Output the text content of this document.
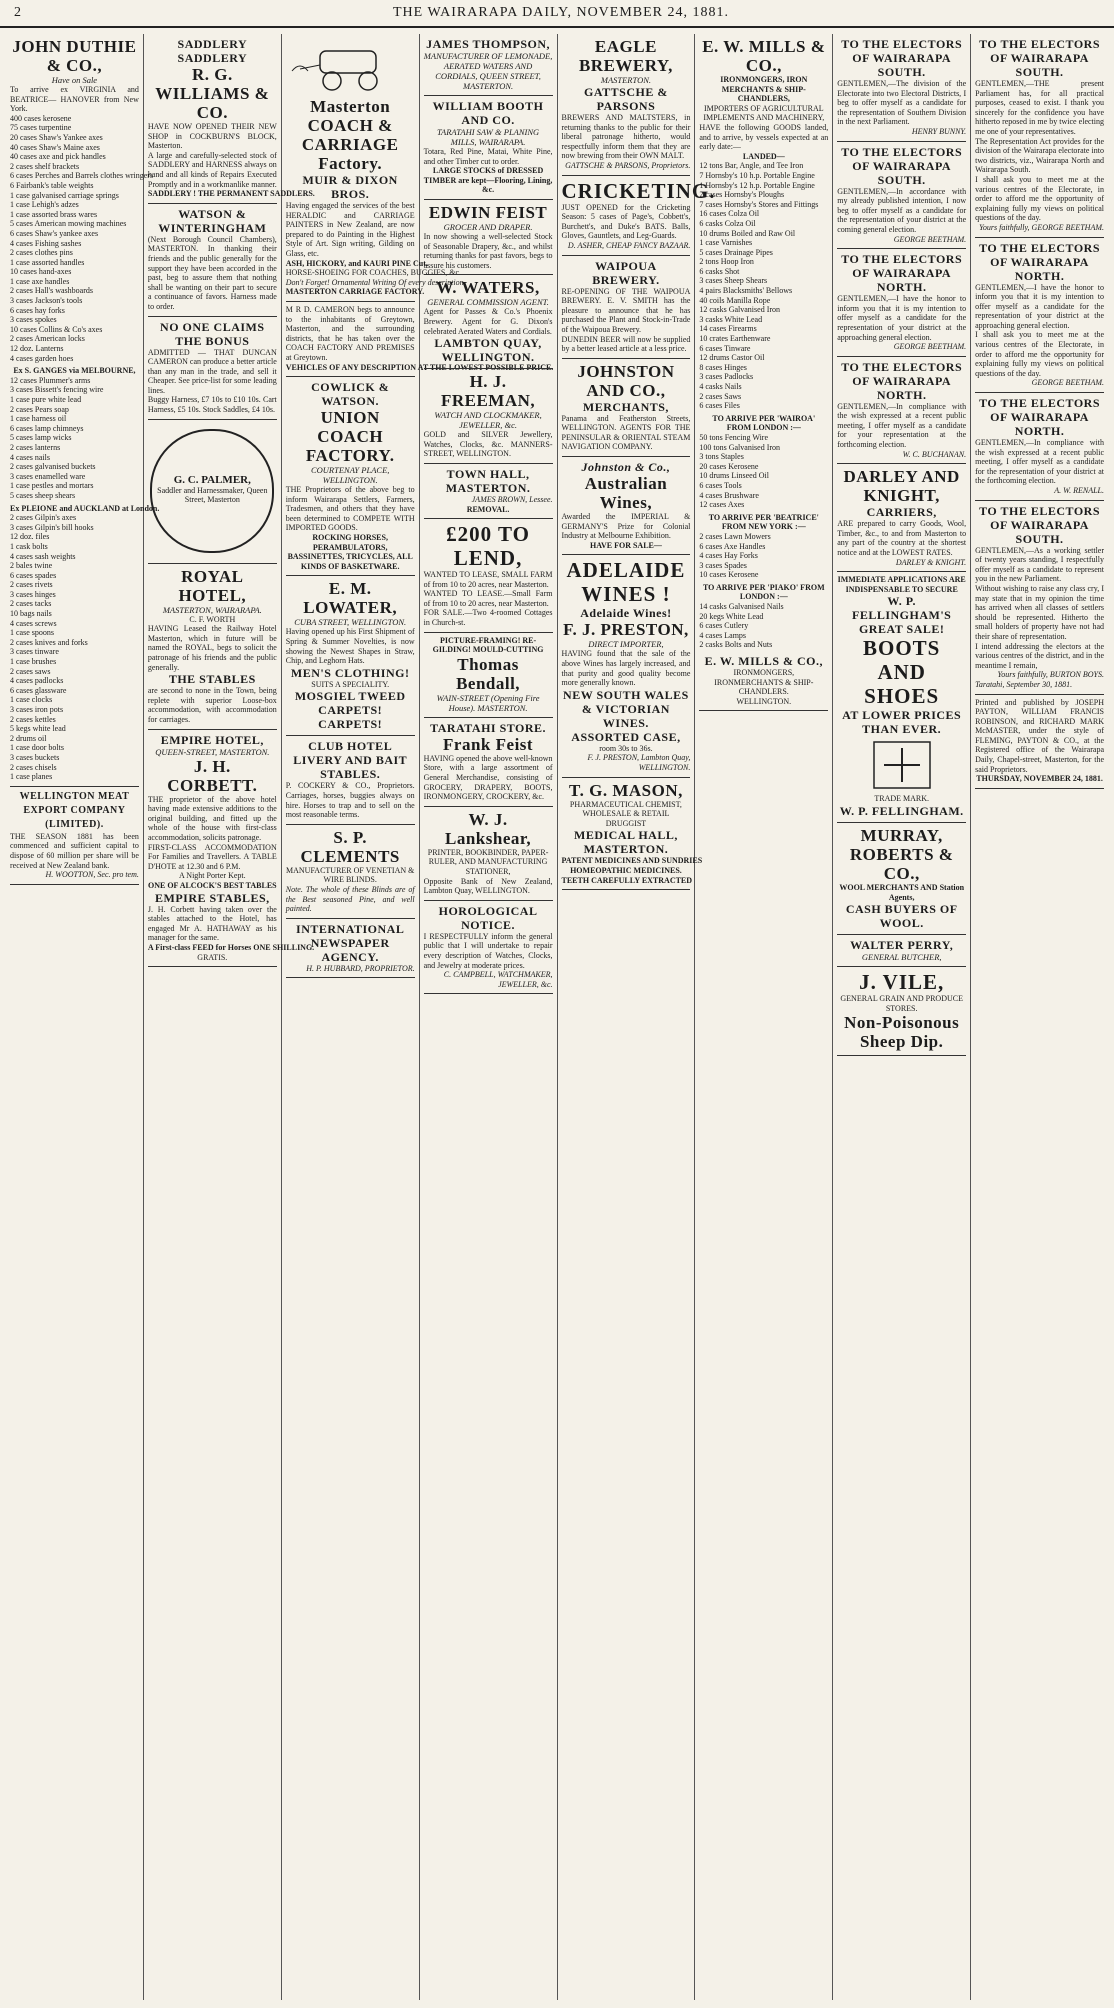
2	THE WAIRARAPA DAILY, NOVEMBER 24, 1881.
JOHN DUTHIE & CO.,
Have on Sale
To arrive ex VIRGINIA and BEATRICE— HANOVER from New York.
400 cases kerosene
75 cases turpentine
20 cases Shaw's Yankee axes
40 cases Shaw's Maine axes
40 cases axe and pick handles
2 cases shelf brackets
6 cases Perches and Barrels clothes wringers
6 Fairbank's table weights
1 case galvanised carriage springs
1 case Lehigh's adzes
1 case assorted brass wares
5 cases American mowing machines
6 cases Shaw's yankee axes
4 cases Fishing sashes
2 cases clothes pins
1 case assorted handles
10 cases hand-axes
1 case axe handles
2 cases Hall's washboards
3 cases Jackson's tools
6 cases hay forks
3 cases spokes
10 cases Collins & Co's axes
2 cases American locks
12 doz. Lanterns
4 cases garden hoes
Ex S. GANGES via MELBOURNE,
12 cases Plummer's arms
3 cases Bissett's fencing wire
1 case pure white lead
2 cases Pears soap
1 case harness oil
6 cases lamp chimneys
5 cases lamp wicks
2 cases lanterns
4 cases nails
2 cases galvanised buckets
3 cases enamelled ware
1 case pestles and mortars
5 cases sheep shears
Ex PLEIONE and AUCKLAND at London.
2 cases Gilpin's axes
3 cases Gilpin's bill hooks
12 doz. files
1 cask bolts
4 cases sash weights
2 bales twine
6 cases spades
2 cases rivets
3 cases hinges
2 cases tacks
10 bags nails
4 cases screws
1 case spoons
2 cases knives and forks
3 cases tinware
1 case brushes
2 cases saws
4 cases padlocks
6 cases glassware
1 case clocks
3 cases iron pots
2 cases kettles
5 kegs white lead
2 drums oil
1 case door bolts
3 cases buckets
2 cases chisels
1 case planes
WELLINGTON MEAT EXPORT COMPANY (LIMITED).
THE SEASON 1881 has been commenced and sufficient capital to dispose of 60 million per share will be received at New Zealand bank.
H. WOOTTON, Sec. pro tem.
SADDLERY SADDLERY
R. G. WILLIAMS & CO.
HAVE NOW OPENED THEIR NEW SHOP in COCKBURN'S BLOCK, Masterton.
A large and carefully-selected stock of SADDLERY and HARNESS always on hand and all kinds of Repairs Executed Promptly and in a workmanlike manner.
SADDLERY ! THE PERMANENT SADDLERS.
WATSON & WINTERINGHAM
(Next Borough Council Chambers), MASTERTON. In thanking their friends and the public generally for the support they have been accorded in the past, beg to assure them that nothing shall be wanting on their part to secure a continuance of favors. Harness made to order.
NO ONE CLAIMS THE BONUS
ADMITTED — THAT DUNCAN CAMERON can produce a better article than any man in the trade, and sell it Cheaper. See price-list for some leading lines.
Buggy Harness, £7 10s to £10 10s. Cart Harness, £5 10s. Stock Saddles, £4 10s.
G. C. PALMER,
Saddler and Harnessmaker, Queen Street, Masterton
ROYAL HOTEL,
MASTERTON, WAIRARAPA.
C. F. WORTH
HAVING Leased the Railway Hotel Masterton, which in future will be named the ROYAL, begs to solicit the patronage of his friends and the public generally.
THE STABLES
are second to none in the Town, being replete with superior Loose-box accommodation, with accommodation for carriages.
EMPIRE HOTEL,
QUEEN-STREET, MASTERTON.
J. H. CORBETT.
THE proprietor of the above hotel having made extensive additions to the original building, and fitted up the whole of the house with first-class accommodation, solicits patronage.
FIRST-CLASS ACCOMMODATION For Families and Travellers. A TABLE D'HOTE at 12.30 and 6 P.M.
A Night Porter Kept.
ONE OF ALCOCK'S BEST TABLES
EMPIRE STABLES,
J. H. Corbett having taken over the stables attached to the Hotel, has engaged Mr A. HATHAWAY as his manager for the same.
A First-class FEED for Horses ONE SHILLING.
GRATIS.
Masterton COACH & CARRIAGE Factory.
MUIR & DIXON BROS.
Having engaged the services of the best HERALDIC and CARRIAGE PAINTERS in New Zealand, are now prepared to do Painting in the Highest Style of Art. Sign writing, Gilding on Glass, etc.
ASH, HICKORY, and KAURI PINE Cut.
HORSE-SHOEING FOR COACHES, BUGGIES, &c.
Don't Forget! Ornamental Writing Of every description.
MASTERTON CARRIAGE FACTORY.
M R D. CAMERON begs to announce to the inhabitants of Greytown, Masterton, and the surrounding districts, that he has taken over the COACH FACTORY AND PREMISES at Greytown.
VEHICLES OF ANY DESCRIPTION AT THE LOWEST POSSIBLE PRICE.
COWLICK & WATSON.
UNION COACH FACTORY.
COURTENAY PLACE, WELLINGTON.
THE Proprietors of the above beg to inform Wairarapa Settlers, Farmers, Tradesmen, and others that they have been determined to COMPETE WITH IMPORTED GOODS.
ROCKING HORSES, PERAMBULATORS, BASSINETTES, TRICYCLES, ALL KINDS OF BASKETWARE.
E. M. LOWATER,
CUBA STREET, WELLINGTON.
Having opened up his First Shipment of Spring & Summer Novelties, is now showing the Newest Shapes in Straw, Chip, and Leghorn Hats.
MEN'S CLOTHING!
SUITS A SPECIALITY.
MOSGIEL TWEED
CARPETS! CARPETS!
CLUB HOTEL LIVERY AND BAIT STABLES.
P. COCKERY & CO., Proprietors. Carriages, horses, buggies always on hire. Horses to trap and to sell on the most reasonable terms.
S. P. CLEMENTS
MANUFACTURER OF VENETIAN & WIRE BLINDS.
Note. The whole of these Blinds are of the Best seasoned Pine, and well painted.
INTERNATIONAL NEWSPAPER AGENCY.
H. P. HUBBARD, PROPRIETOR.
JAMES THOMPSON,
MANUFACTURER OF LEMONADE, AERATED WATERS AND CORDIALS, QUEEN STREET, MASTERTON.
WILLIAM BOOTH AND CO.
TARATAHI SAW & PLANING MILLS, WAIRARAPA.
Totara, Red Pine, Matai, White Pine, and other Timber cut to order.
LARGE STOCKS of DRESSED TIMBER are kept—Flooring, Lining, &c.
EDWIN FEIST
GROCER AND DRAPER.
In now showing a well-selected Stock of Seasonable Drapery, &c., and whilst returning thanks for past favors, begs to assure his customers.
W. WATERS,
GENERAL COMMISSION AGENT.
Agent for Passes & Co.'s Phoenix Brewery. Agent for G. Dixon's celebrated Aerated Waters and Cordials.
LAMBTON QUAY, WELLINGTON.
H. J. FREEMAN,
WATCH AND CLOCKMAKER, JEWELLER, &c.
GOLD and SILVER Jewellery, Watches, Clocks, &c. MANNERS-STREET, WELLINGTON.
TOWN HALL, MASTERTON.
JAMES BROWN, Lessee.
REMOVAL.
£200 TO LEND,
WANTED TO LEASE, SMALL FARM of from 10 to 20 acres, near Masterton.
WANTED TO LEASE.—Small Farm of from 10 to 20 acres, near Masterton.
FOR SALE.—Two 4-roomed Cottages in Church-st.
PICTURE-FRAMING! RE-GILDING! MOULD-CUTTING
Thomas Bendall,
WAIN-STREET (Opening Fire House). MASTERTON.
TARATAHI STORE.
Frank Feist
HAVING opened the above well-known Store, with a large assortment of General Merchandise, consisting of GROCERY, DRAPERY, BOOTS, IRONMONGERY, CROCKERY, &c.
W. J. Lankshear,
PRINTER, BOOKBINDER, PAPER-RULER, AND MANUFACTURING STATIONER,
Opposite Bank of New Zealand, Lambton Quay, WELLINGTON.
HOROLOGICAL NOTICE.
I RESPECTFULLY inform the general public that I will undertake to repair every description of Watches, Clocks, and Jewelry at moderate prices.
C. CAMPBELL, WATCHMAKER, JEWELLER, &c.
EAGLE BREWERY,
MASTERTON.
GATTSCHE & PARSONS
BREWERS AND MALTSTERS, in returning thanks to the public for their liberal patronage hitherto, would respectfully inform them that they are now brewing from their OWN MALT.
GATTSCHE & PARSONS, Proprietors.
CRICKETING.
JUST OPENED for the Cricketing Season: 5 cases of Page's, Cobbett's, Burchett's, and Duke's BATS. Balls, Gloves, Gauntlets, and Leg-Guards.
D. ASHER, CHEAP FANCY BAZAAR.
WAIPOUA BREWERY.
RE-OPENING OF THE WAIPOUA BREWERY. E. V. SMITH has the pleasure to announce that he has purchased the Plant and Stock-in-Trade of the Waipoua Brewery.
DUNEDIN BEER will now be supplied by a better leased article at a less price.
JOHNSTON AND CO.,
MERCHANTS,
Panama and Featherston Streets, WELLINGTON. AGENTS FOR THE PENINSULAR & ORIENTAL STEAM NAVIGATION COMPANY.
Johnston & Co.,
Australian Wines,
Awarded the IMPERIAL & GERMANY'S Prize for Colonial Industry at Melbourne Exhibition.
HAVE FOR SALE—
ADELAIDE WINES !
Adelaide Wines!
F. J. PRESTON,
DIRECT IMPORTER,
HAVING found that the sale of the above Wines has largely increased, and that purity and good quality become more generally known.
NEW SOUTH WALES & VICTORIAN WINES.
ASSORTED CASE,
room 30s to 36s.
F. J. PRESTON, Lambton Quay, WELLINGTON.
T. G. MASON,
PHARMACEUTICAL CHEMIST, WHOLESALE & RETAIL DRUGGIST
MEDICAL HALL, MASTERTON.
PATENT MEDICINES AND SUNDRIES
HOMEOPATHIC MEDICINES.
TEETH CAREFULLY EXTRACTED
E. W. MILLS & CO.,
IRONMONGERS, IRON MERCHANTS & SHIP-CHANDLERS,
IMPORTERS OF AGRICULTURAL IMPLEMENTS AND MACHINERY,
HAVE the following GOODS landed, and to arrive, by vessels expected at an early date:—
LANDED—
12 tons Bar, Angle, and Tee Iron
7 Hornsby's 10 h.p. Portable Engine
1 Hornsby's 12 h.p. Portable Engine
2 cases Hornsby's Ploughs
7 cases Hornsby's Stores and Fittings
16 cases Colza Oil
6 casks Colza Oil
10 drums Boiled and Raw Oil
1 case Varnishes
5 cases Drainage Pipes
2 tons Hoop Iron
6 casks Shot
3 cases Sheep Shears
4 pairs Blacksmiths' Bellows
40 coils Manilla Rope
12 casks Galvanised Iron
3 casks White Lead
14 cases Firearms
10 crates Earthenware
6 cases Tinware
12 drums Castor Oil
8 cases Hinges
3 cases Padlocks
4 casks Nails
2 cases Saws
6 cases Files
TO ARRIVE PER 'WAIROA' FROM LONDON :—
50 tons Fencing Wire
100 tons Galvanised Iron
3 tons Staples
20 cases Kerosene
10 drums Linseed Oil
6 cases Tools
4 cases Brushware
12 cases Axes
TO ARRIVE PER 'BEATRICE' FROM NEW YORK :—
2 cases Lawn Mowers
6 cases Axe Handles
4 cases Hay Forks
3 cases Spades
10 cases Kerosene
TO ARRIVE PER 'PIAKO' FROM LONDON :—
14 casks Galvanised Nails
20 kegs White Lead
6 cases Cutlery
4 cases Lamps
2 casks Bolts and Nuts
E. W. MILLS & CO.,
IRONMONGERS, IRONMERCHANTS & SHIP-CHANDLERS.
WELLINGTON.
TO THE ELECTORS OF WAIRARAPA SOUTH.
GENTLEMEN,—The division of the Electorate into two Electoral Districts, I beg to offer myself as a candidate for the representation of Southern Division in the next Parliament.
HENRY BUNNY.
TO THE ELECTORS OF WAIRARAPA SOUTH.
GENTLEMEN,—In accordance with my already published intention, I now beg to offer myself as a candidate for the representation of your district at the coming general election.
GEORGE BEETHAM.
TO THE ELECTORS OF WAIRARAPA NORTH.
GENTLEMEN,—I have the honor to inform you that it is my intention to offer myself as a candidate for the representation of your district at the approaching general election.
GEORGE BEETHAM.
TO THE ELECTORS OF WAIRARAPA NORTH.
GENTLEMEN,—In compliance with the wish expressed at a recent public meeting, I offer myself as a candidate for your representation at the forthcoming election.
W. C. BUCHANAN.
DARLEY AND KNIGHT,
CARRIERS,
ARE prepared to carry Goods, Wool, Timber, &c., to and from Masterton to any part of the country at the shortest notice and at the LOWEST RATES.
DARLEY & KNIGHT.
IMMEDIATE APPLICATIONS ARE INDISPENSABLE TO SECURE
W. P. FELLINGHAM'S GREAT SALE!
BOOTS AND SHOES
AT LOWER PRICES THAN EVER.
TRADE MARK.
W. P. FELLINGHAM.
MURRAY, ROBERTS & CO.,
WOOL MERCHANTS AND Station Agents,
CASH BUYERS OF WOOL.
WALTER PERRY,
GENERAL BUTCHER,
J. VILE,
GENERAL GRAIN AND PRODUCE STORES.
Non-Poisonous Sheep Dip.
TO THE ELECTORS OF WAIRARAPA SOUTH.
GENTLEMEN,—THE present Parliament has, for all practical purposes, ceased to exist. I thank you sincerely for the confidence you have hitherto reposed in me by twice electing me one of your representatives.
The Representation Act provides for the division of the Wairarapa electorate into two districts, viz., Wairarapa North and Wairarapa South.
I shall ask you to meet me at the various centres of the Electorate, in order to afford me the opportunity of explaining fully my views on political questions of the day.
Yours faithfully, GEORGE BEETHAM.
TO THE ELECTORS OF WAIRARAPA NORTH.
GENTLEMEN,—I have the honor to inform you that it is my intention to offer myself as a candidate for the representation of your district at the approaching general election.
I shall ask you to meet me at the various centres of the Electorate, in order to afford me the opportunity for explaining fully my views on political questions of the day.
GEORGE BEETHAM.
TO THE ELECTORS OF WAIRARAPA NORTH.
GENTLEMEN,—In compliance with the wish expressed at a recent public meeting, I offer myself as a candidate for the representation of your district at the forthcoming election.
A. W. RENALL.
TO THE ELECTORS OF WAIRARAPA SOUTH.
GENTLEMEN,—As a working settler of twenty years standing, I respectfully offer myself as a candidate to represent you in the new Parliament.
Without wishing to raise any class cry, I may state that in my opinion the time has arrived when all classes of settlers should be represented. Hitherto the small holders of property have not had their share of representation.
I intend addressing the electors at the various centres of the district, and in the meantime I remain,
Yours faithfully, BURTON BOYS.
Taratahi, September 30, 1881.
Printed and published by JOSEPH PAYTON, WILLIAM FRANCIS ROBINSON, and RICHARD MARK McMASTER, under the style of FLEMING, PAYTON & CO., at the Registered office of the Wairarapa Daily, Chapel-street, Masterton, for the said Proprietors.
THURSDAY, NOVEMBER 24, 1881.
